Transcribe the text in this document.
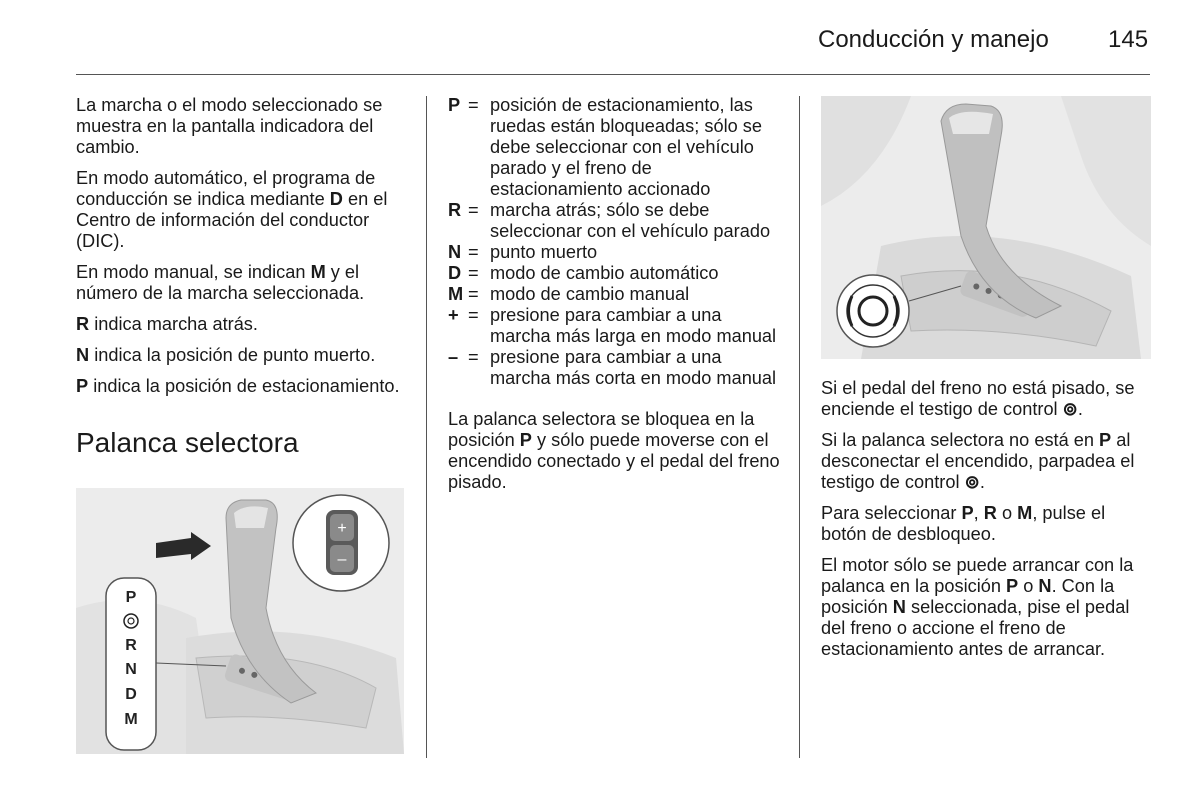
Conducción y manejo 145

La marcha o el modo seleccionado se muestra en la pantalla indicadora del cambio.

En modo automático, el programa de conducción se indica mediante D en el Centro de información del conductor (DIC).

En modo manual, se indican M y el número de la marcha seleccionada.

R indica marcha atrás.

N indica la posición de punto muerto.

P indica la posición de estacionamiento.

Palanca selectora
+
–
P
R
N
D
M
P = posición de estacionamiento, las ruedas están bloqueadas; sólo se debe seleccionar con el vehículo parado y el freno de estacionamiento accionado
R = marcha atrás; sólo se debe seleccionar con el vehículo parado
N = punto muerto
D = modo de cambio automático
M = modo de cambio manual
+ = presione para cambiar a una marcha más larga en modo manual
– = presione para cambiar a una marcha más corta en modo manual

La palanca selectora se bloquea en la posición P y sólo puede moverse con el encendido conectado y el pedal del freno pisado.

Si el pedal del freno no está pisado, se enciende el testigo de control ⊚.

Si la palanca selectora no está en P al desconectar el encendido, parpadea el testigo de control ⊚.

Para seleccionar P, R o M, pulse el botón de desbloqueo.

El motor sólo se puede arrancar con la palanca en la posición P o N. Con la posición N seleccionada, pise el pedal del freno o accione el freno de estacionamiento antes de arrancar.
